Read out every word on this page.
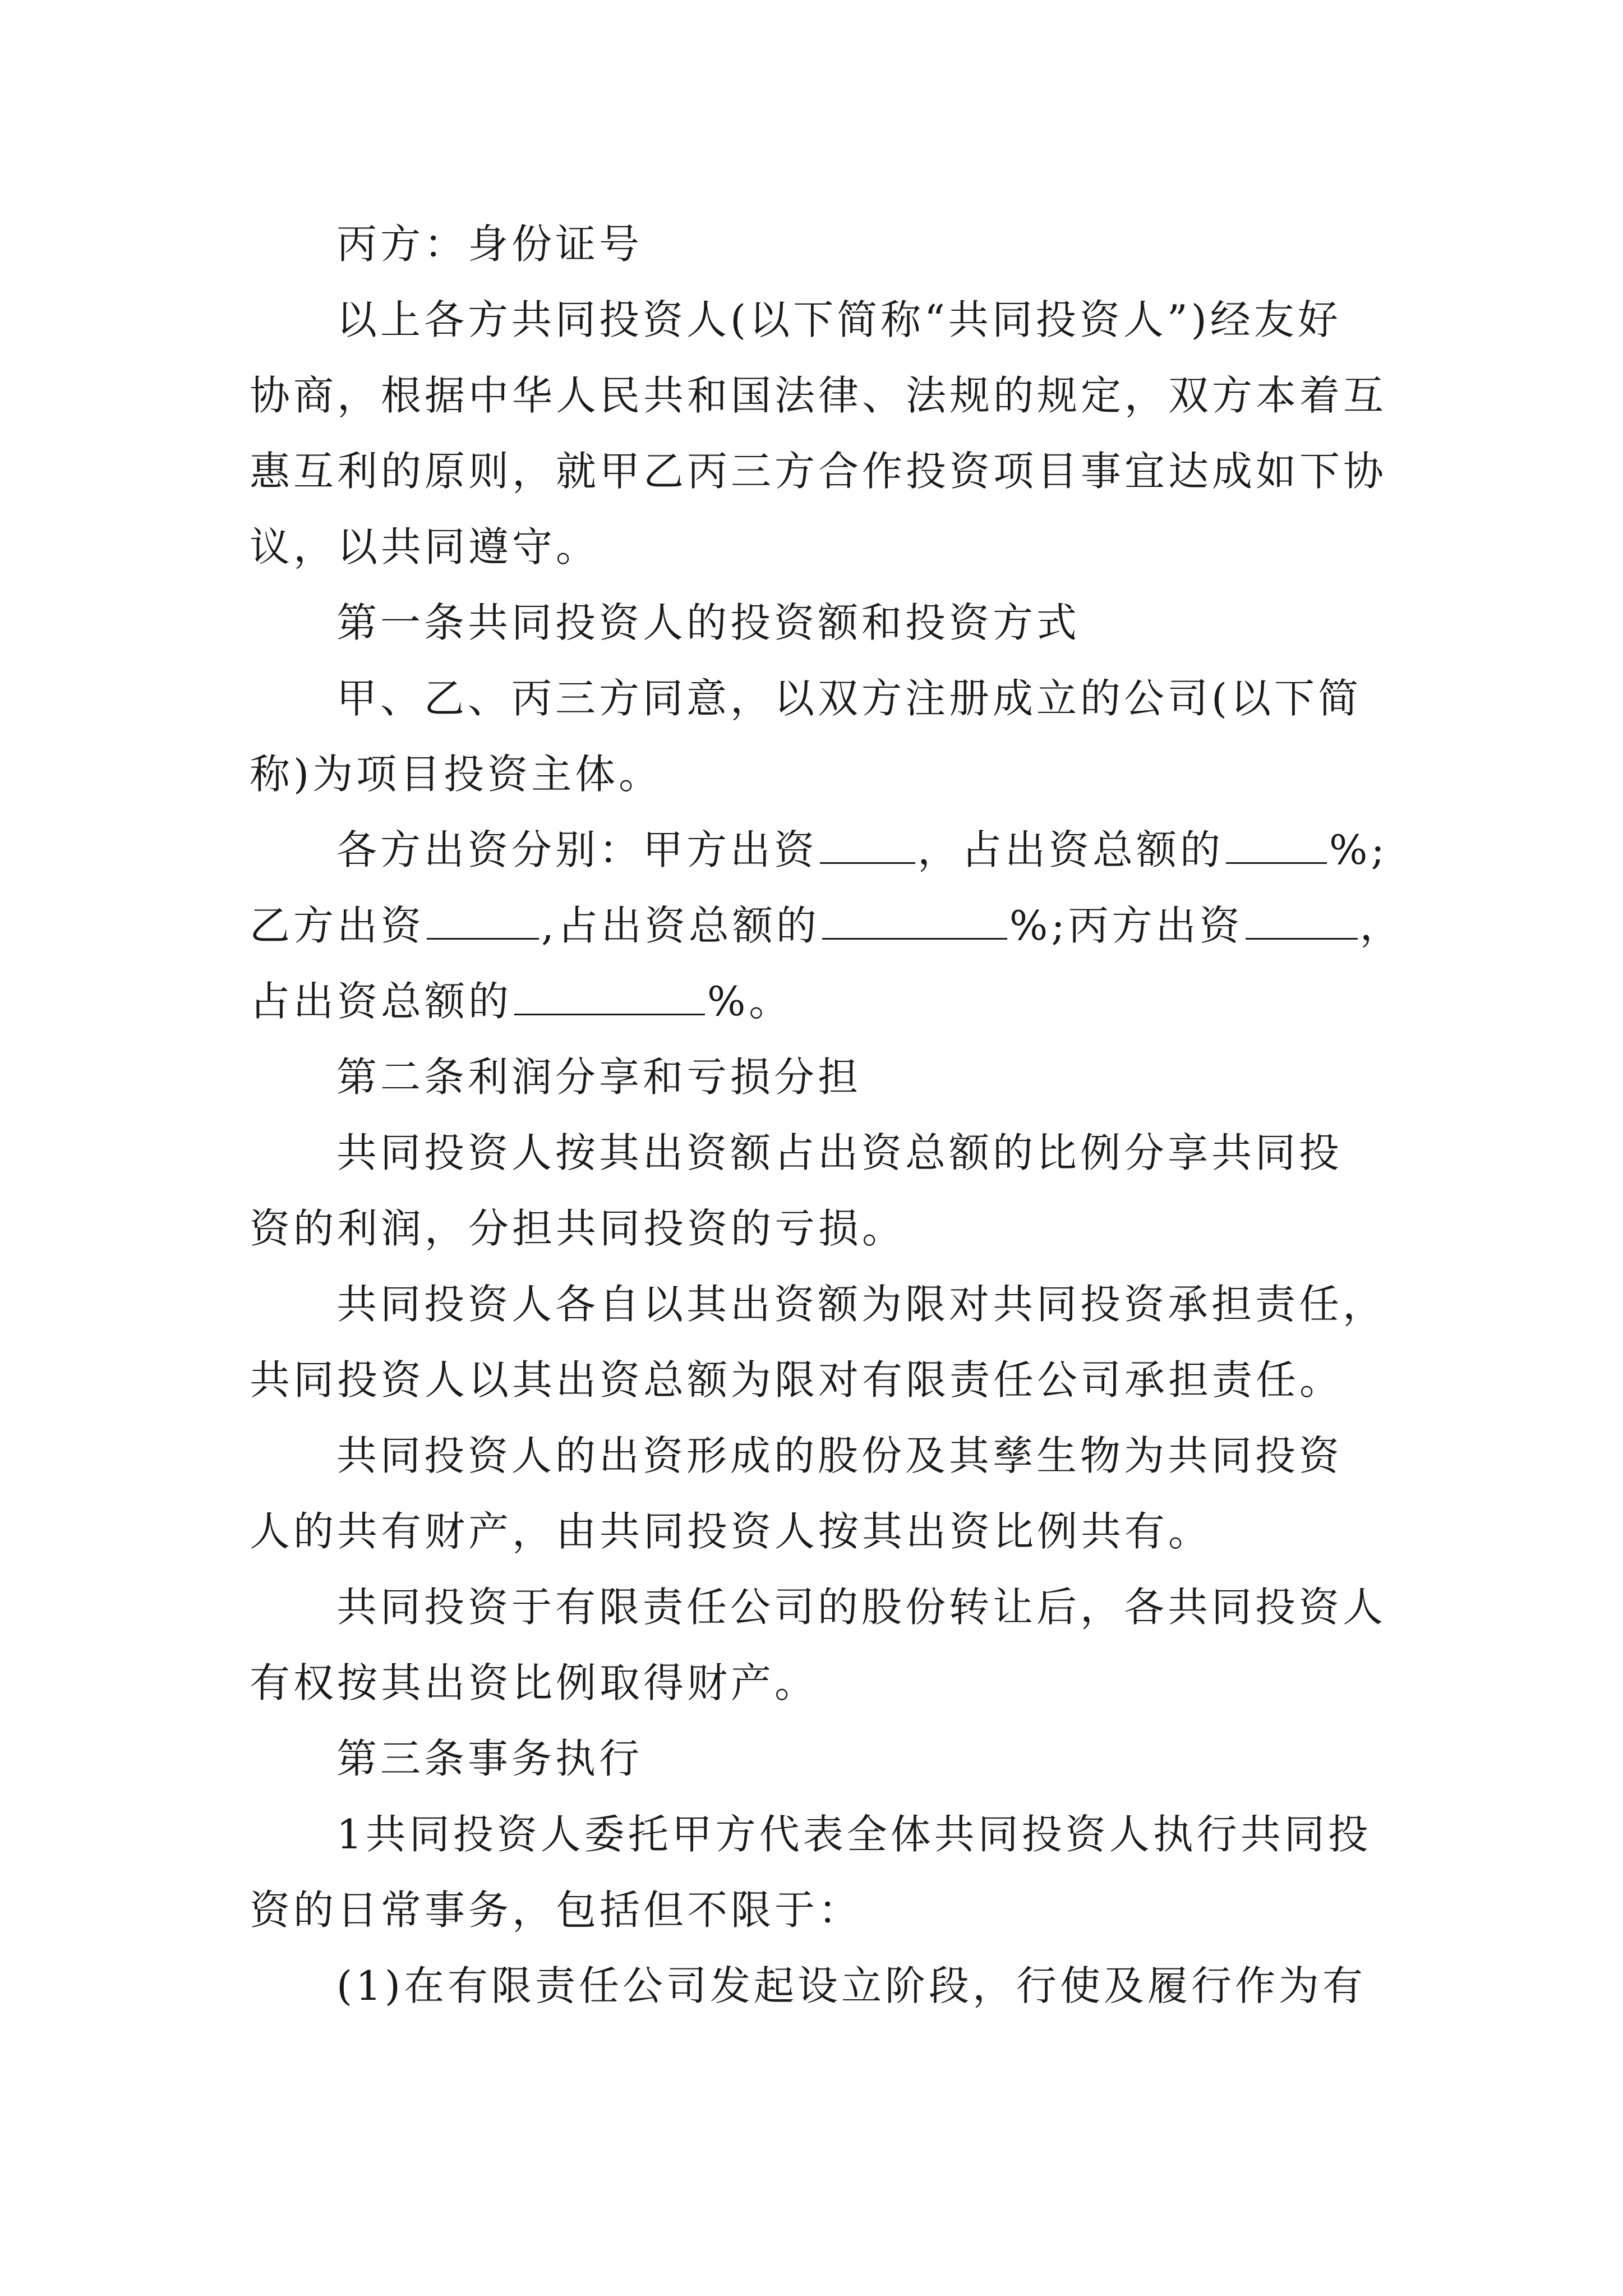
丙方：身份证号
以上各方共同投资人(以下简称“共同投资人”)经友好
协商，根据中华人民共和国法律、法规的规定，双方本着互
惠互利的原则，就甲乙丙三方合作投资项目事宜达成如下协
议，以共同遵守。
第一条共同投资人的投资额和投资方式
甲、乙、丙三方同意，以双方注册成立的公司(以下简
称)为项目投资主体。
各方出资分别：甲方出资 ，占出资总额的	%;
乙方出资	,占出资总额的	%;丙方出资	，
占出资总额的	%。
第二条利润分享和亏损分担
共同投资人按其出资额占出资总额的比例分享共同投
资的利润，分担共同投资的亏损。
共同投资人各自以其出资额为限对共同投资承担责任，
共同投资人以其出资总额为限对有限责任公司承担责任。
共同投资人的出资形成的股份及其孳生物为共同投资
人的共有财产，由共同投资人按其出资比例共有。
共同投资于有限责任公司的股份转让后，各共同投资人
有权按其出资比例取得财产。
第三条事务执行
1共同投资人委托甲方代表全体共同投资人执行共同投
资的日常事务，包括但不限于：
(1)在有限责任公司发起设立阶段，行使及履行作为有
